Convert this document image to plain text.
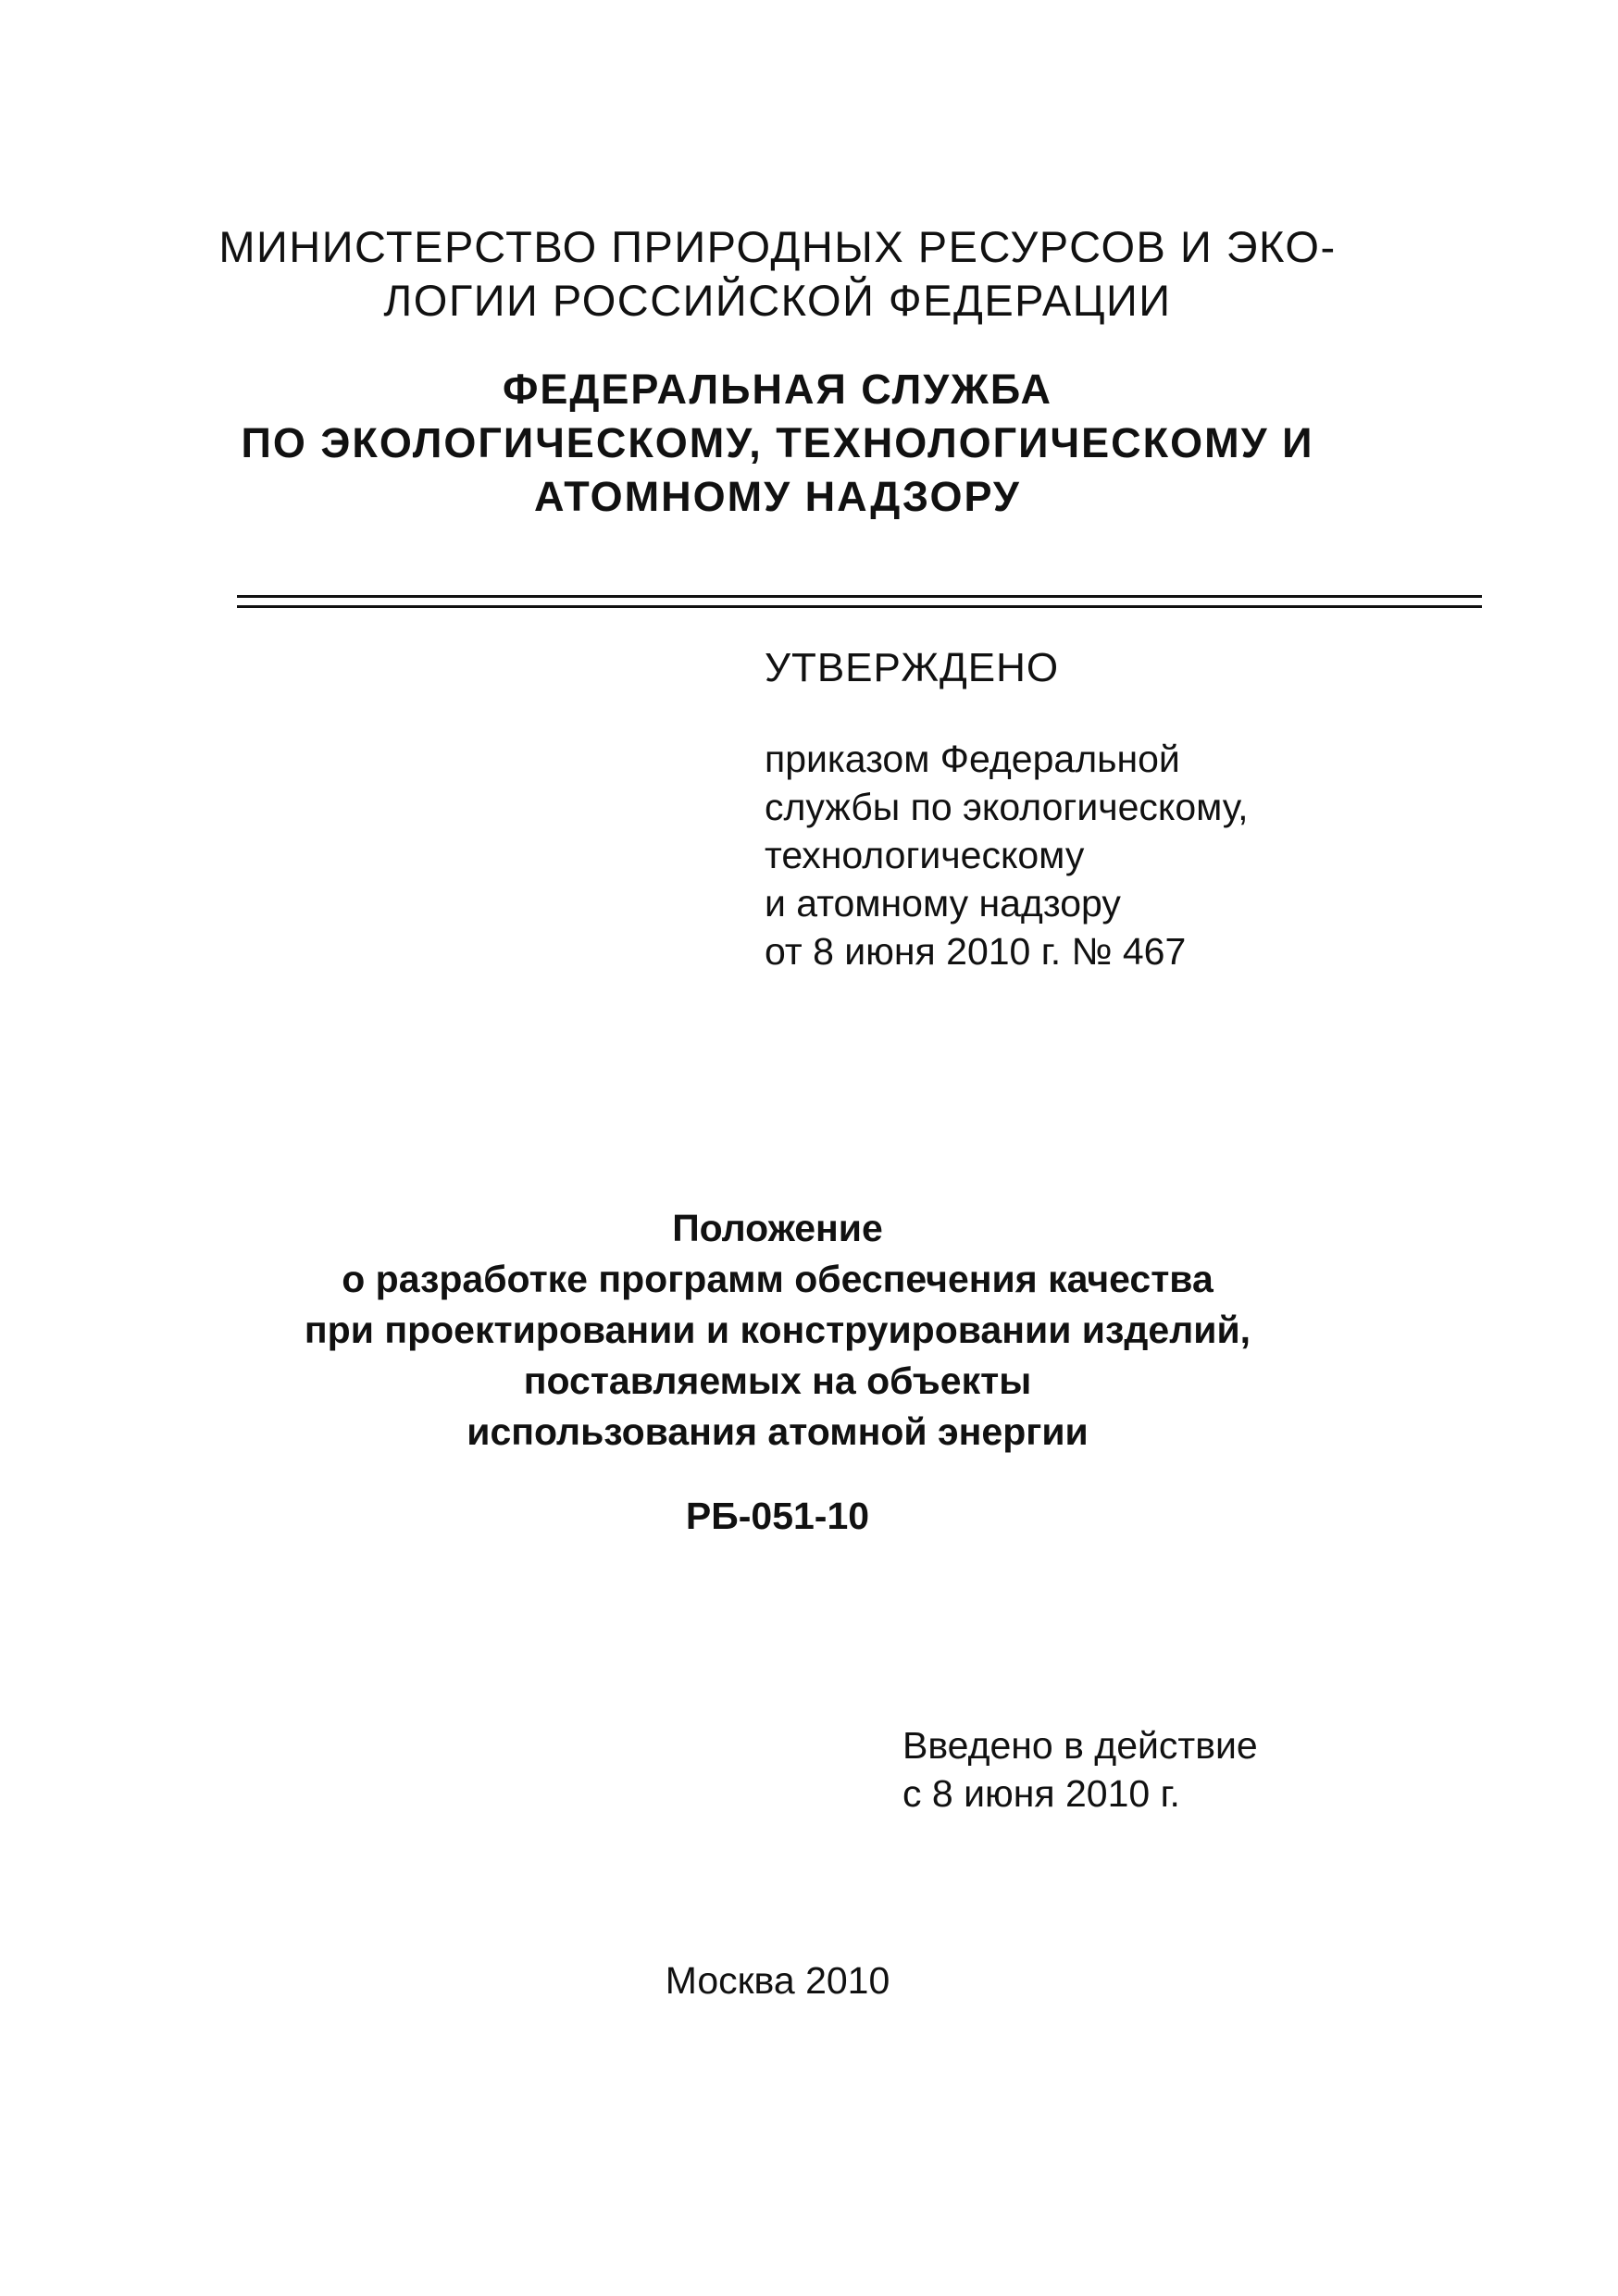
МИНИСТЕРСТВО ПРИРОДНЫХ РЕСУРСОВ И ЭКО-
ЛОГИИ РОССИЙСКОЙ ФЕДЕРАЦИИ
ФЕДЕРАЛЬНАЯ СЛУЖБА
ПО ЭКОЛОГИЧЕСКОМУ, ТЕХНОЛОГИЧЕСКОМУ И
АТОМНОМУ НАДЗОРУ
УТВЕРЖДЕНО
приказом Федеральной
службы по экологическому,
технологическому
и атомному надзору
от 8 июня 2010 г. № 467
Положение
о разработке программ обеспечения качества
при проектировании и конструировании изделий,
поставляемых на объекты
использования атомной энергии
РБ-051-10
Введено в действие
с 8 июня 2010 г.
Москва 2010
